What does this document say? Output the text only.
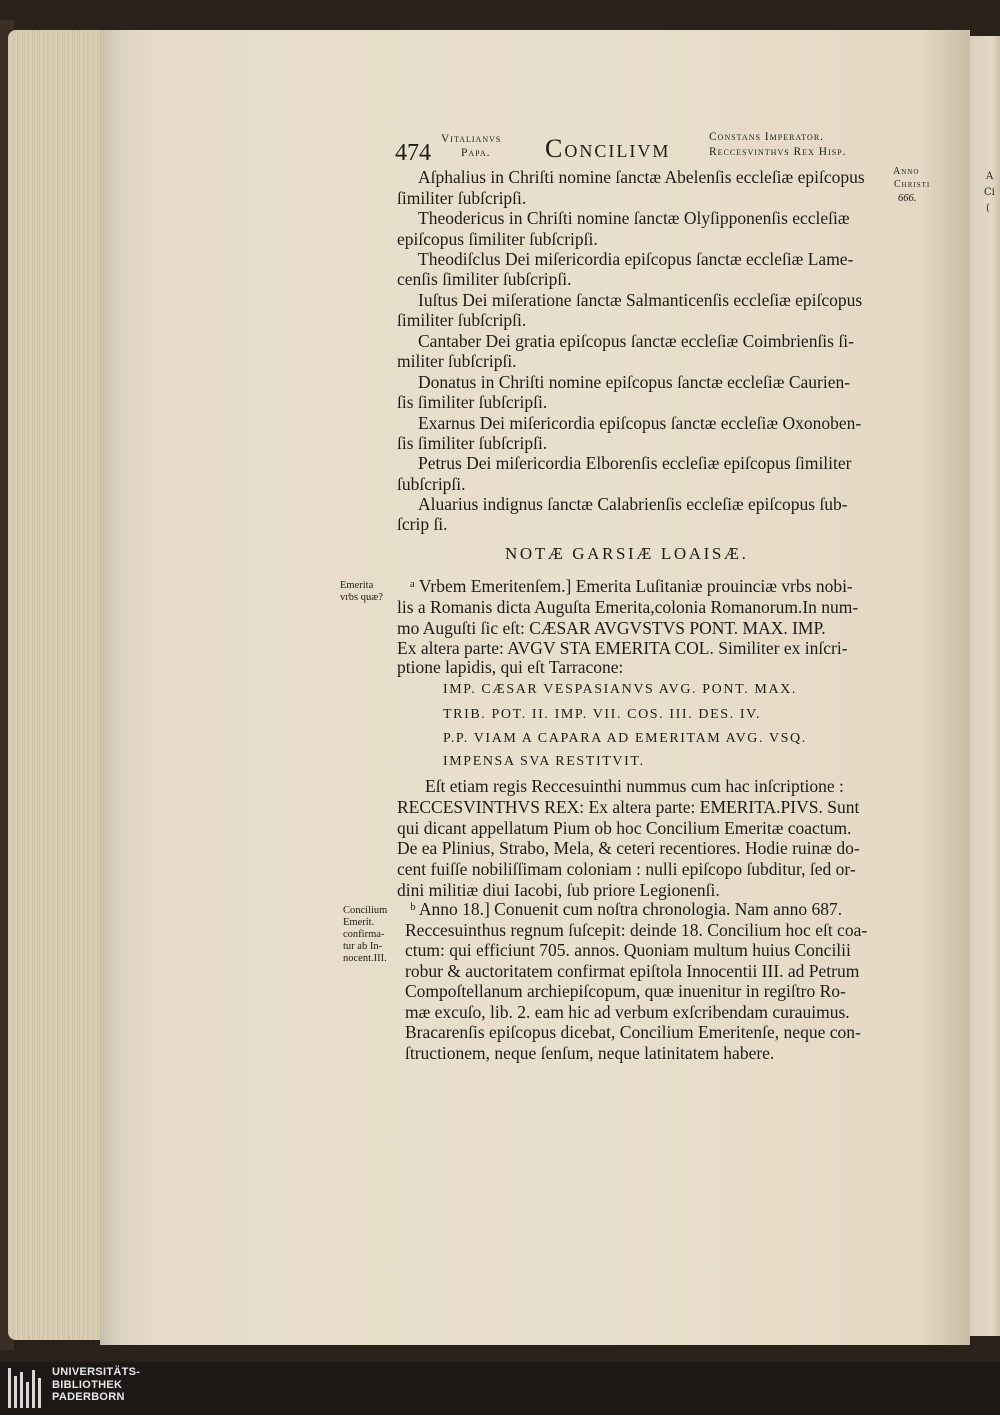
A
Ci
(
474
Vitalianvs
Papa. Concilivm	Constans Imperator.
Reccesvinthvs Rex Hisp.
Anno
Christi
666.
Aſphalius in Chriſti nomine ſanctæ Abelenſis eccleſiæ epiſcopus
ſimiliter ſubſcripſi.
Theodericus in Chriſti nomine ſanctæ Olyſipponenſis eccleſiæ
epiſcopus ſimiliter ſubſcripſi.
Theodiſclus Dei miſericordia epiſcopus ſanctæ eccleſiæ Lame-
cenſis ſimiliter ſubſcripſi.
Iuſtus Dei miſeratione ſanctæ Salmanticenſis eccleſiæ epiſcopus
ſimiliter ſubſcripſi.
Cantaber Dei gratia epiſcopus ſanctæ eccleſiæ Coimbrienſis ſi-
militer ſubſcripſi.
Donatus in Chriſti nomine epiſcopus ſanctæ eccleſiæ Caurien-
ſis ſimiliter ſubſcripſi.
Exarnus Dei miſericordia epiſcopus ſanctæ eccleſiæ Oxonoben-
ſis ſimiliter ſubſcripſi.
Petrus Dei miſericordia Elborenſis eccleſiæ epiſcopus ſimiliter
ſubſcripſi.
Aluarius indignus ſanctæ Calabrienſis eccleſiæ epiſcopus ſub-
ſcrip ſi.
NOTÆ GARSIÆ LOAISÆ.
Emerita
vrbs quæ?
Concilium
Emerit.
confirma-
tur ab In-
nocent.III.
ᵃ Vrbem Emeritenſem.] Emerita Luſitaniæ prouinciæ vrbs nobi-
lis a Romanis dicta Auguſta Emerita,colonia Romanorum.In num-
mo Auguſti ſic eſt: CÆSAR AVGVSTVS PONT. MAX. IMP.
Ex altera parte: AVGV STA EMERITA COL. Similiter ex inſcri-
ptione lapidis, qui eſt Tarracone:
IMP. CÆSAR VESPASIANVS AVG. PONT. MAX.
TRIB. POT. II. IMP. VII. COS. III. DES. IV.
P.P. VIAM A CAPARA AD EMERITAM AVG. VSQ.
IMPENSA SVA RESTITVIT.
Eſt etiam regis Reccesuinthi nummus cum hac inſcriptione :
RECCESVINTHVS REX: Ex altera parte: EMERITA.PIVS. Sunt
qui dicant appellatum Pium ob hoc Concilium Emeritæ coactum.
De ea Plinius, Strabo, Mela, & ceteri recentiores. Hodie ruinæ do-
cent fuiſſe nobiliſſimam coloniam : nulli epiſcopo ſubditur, ſed or-
dini militiæ diui Iacobi, ſub priore Legionenſi.
ᵇ Anno 18.] Conuenit cum noſtra chronologia. Nam anno 687.
Reccesuinthus regnum ſuſcepit: deinde 18. Concilium hoc eſt coa-
ctum: qui efficiunt 705. annos. Quoniam multum huius Concilii
robur & auctoritatem confirmat epiſtola Innocentii III. ad Petrum
Compoſtellanum archiepiſcopum, quæ inuenitur in regiſtro Ro-
mæ excuſo, lib. 2. eam hic ad verbum exſcribendam curauimus.
Bracarenſis epiſcopus dicebat, Concilium Emeritenſe, neque con-
ſtructionem, neque ſenſum, neque latinitatem habere.
UNIVERSITÄTS-
BIBLIOTHEK
PADERBORN
